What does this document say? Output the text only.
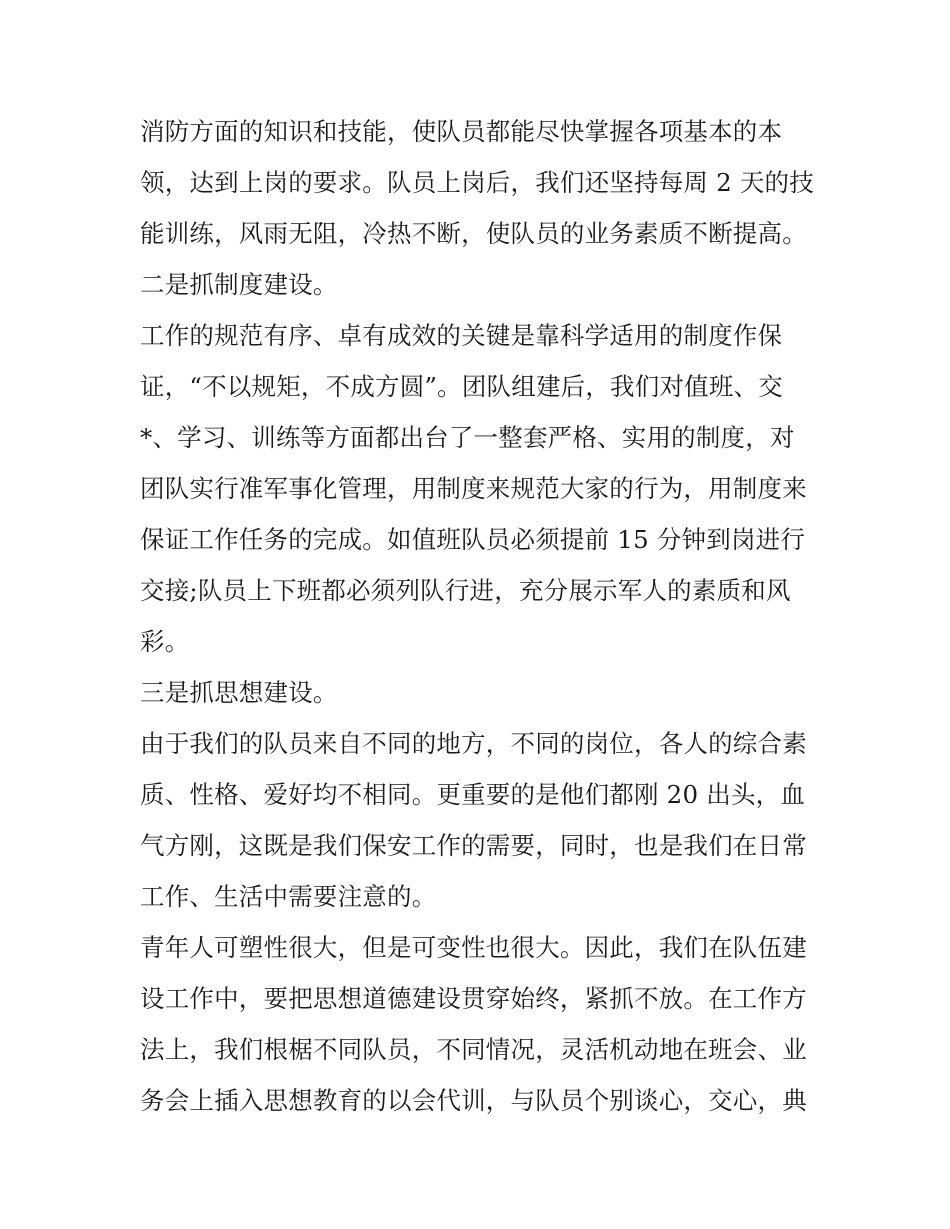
消防方面的知识和技能，使队员都能尽快掌握各项基本的本
领，达到上岗的要求。队员上岗后，我们还坚持每周 2 天的技
能训练，风雨无阻，冷热不断，使队员的业务素质不断提高。
二是抓制度建设。
工作的规范有序、卓有成效的关键是靠科学适用的制度作保
证，“不以规矩，不成方圆”。团队组建后，我们对值班、交
*、学习、训练等方面都出台了一整套严格、实用的制度，对
团队实行准军事化管理，用制度来规范大家的行为，用制度来
保证工作任务的完成。如值班队员必须提前 15 分钟到岗进行
交接;队员上下班都必须列队行进，充分展示军人的素质和风
彩。
三是抓思想建设。
由于我们的队员来自不同的地方，不同的岗位，各人的综合素
质、性格、爱好均不相同。更重要的是他们都刚 20 出头，血
气方刚，这既是我们保安工作的需要，同时，也是我们在日常
工作、生活中需要注意的。
青年人可塑性很大，但是可变性也很大。因此，我们在队伍建
设工作中，要把思想道德建设贯穿始终，紧抓不放。在工作方
法上，我们根椐不同队员，不同情况，灵活机动地在班会、业
务会上插入思想教育的以会代训，与队员个别谈心，交心，典
